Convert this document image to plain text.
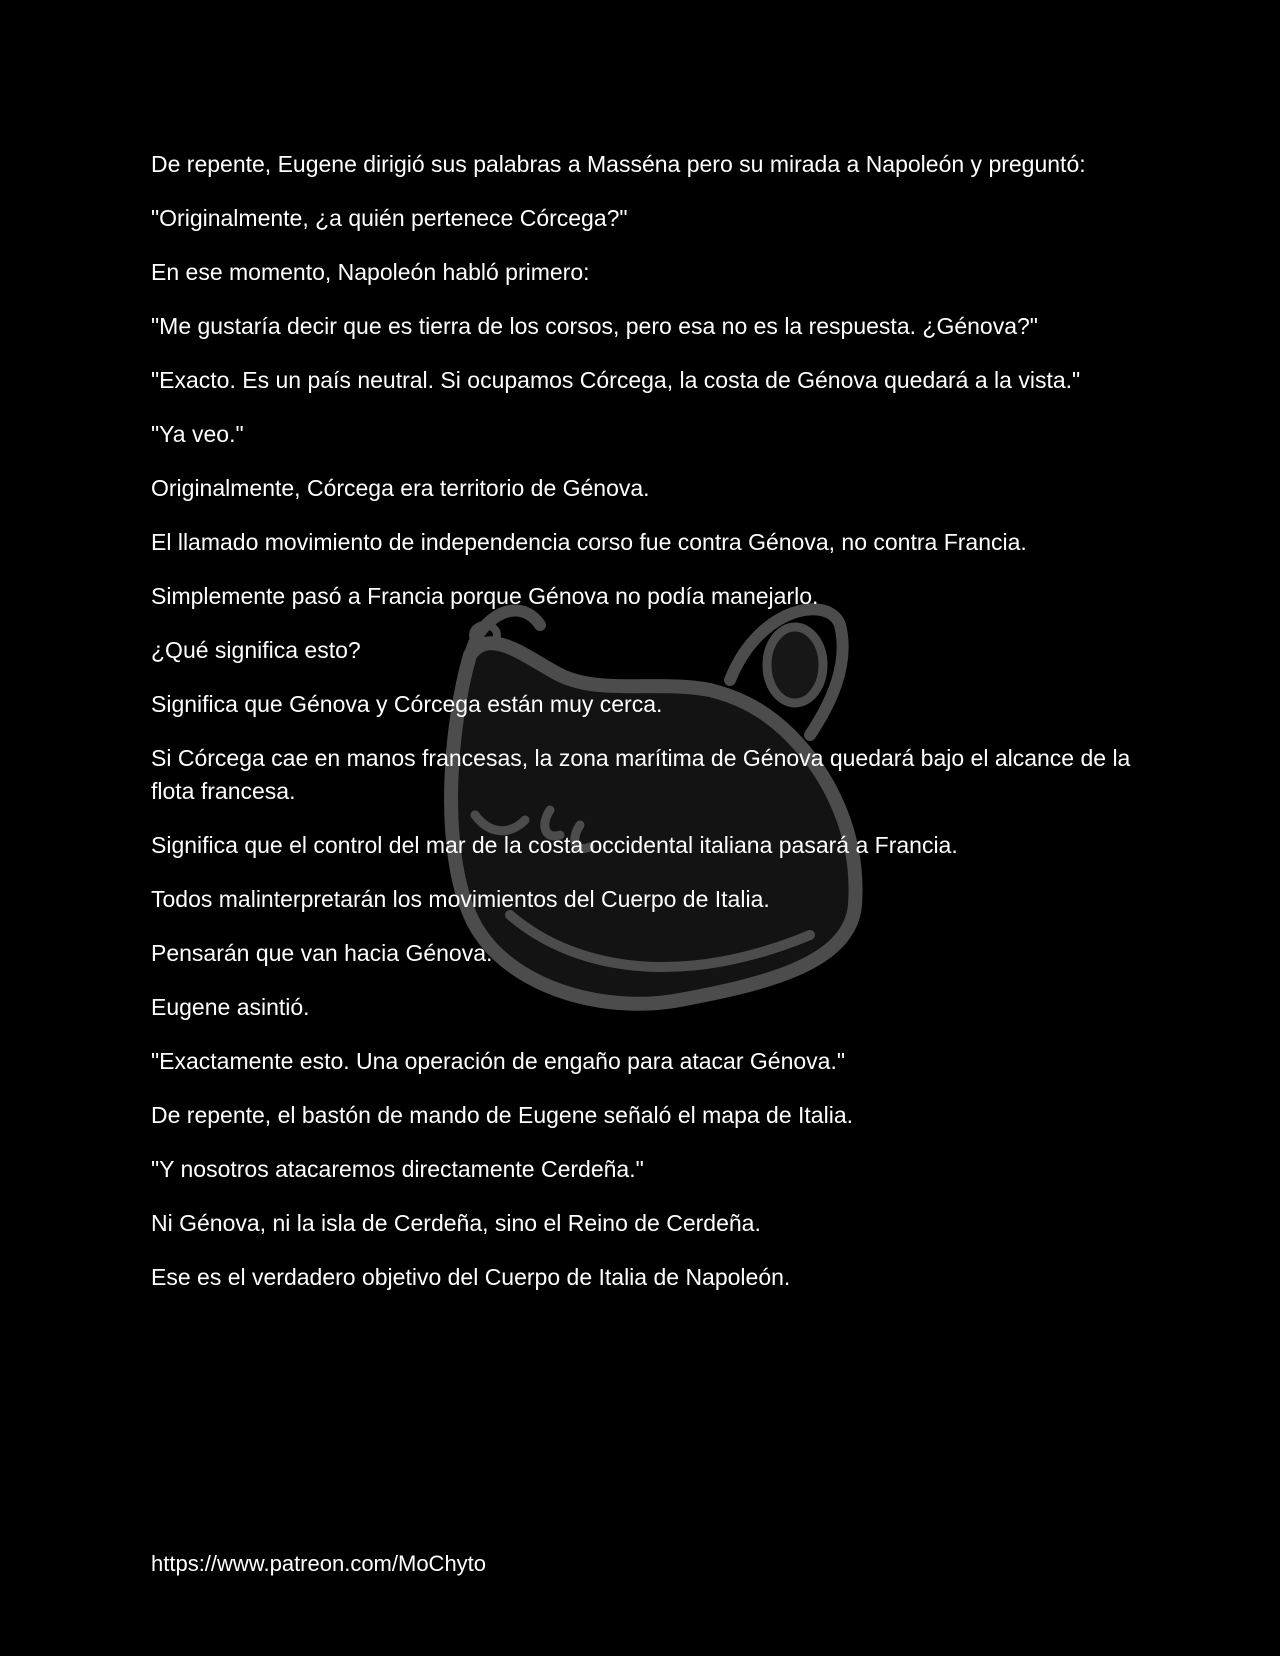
De repente, Eugene dirigió sus palabras a Masséna pero su mirada a Napoleón y preguntó:

"Originalmente, ¿a quién pertenece Córcega?"

En ese momento, Napoleón habló primero:

"Me gustaría decir que es tierra de los corsos, pero esa no es la respuesta. ¿Génova?"

"Exacto. Es un país neutral. Si ocupamos Córcega, la costa de Génova quedará a la vista."

"Ya veo."

Originalmente, Córcega era territorio de Génova.

El llamado movimiento de independencia corso fue contra Génova, no contra Francia.

Simplemente pasó a Francia porque Génova no podía manejarlo.

¿Qué significa esto?

Significa que Génova y Córcega están muy cerca.

Si Córcega cae en manos francesas, la zona marítima de Génova quedará bajo el alcance de la flota francesa.

Significa que el control del mar de la costa occidental italiana pasará a Francia.

Todos malinterpretarán los movimientos del Cuerpo de Italia.

Pensarán que van hacia Génova.

Eugene asintió.

"Exactamente esto. Una operación de engaño para atacar Génova."

De repente, el bastón de mando de Eugene señaló el mapa de Italia.

"Y nosotros atacaremos directamente Cerdeña."

Ni Génova, ni la isla de Cerdeña, sino el Reino de Cerdeña.

Ese es el verdadero objetivo del Cuerpo de Italia de Napoleón.

https://www.patreon.com/MoChyto
